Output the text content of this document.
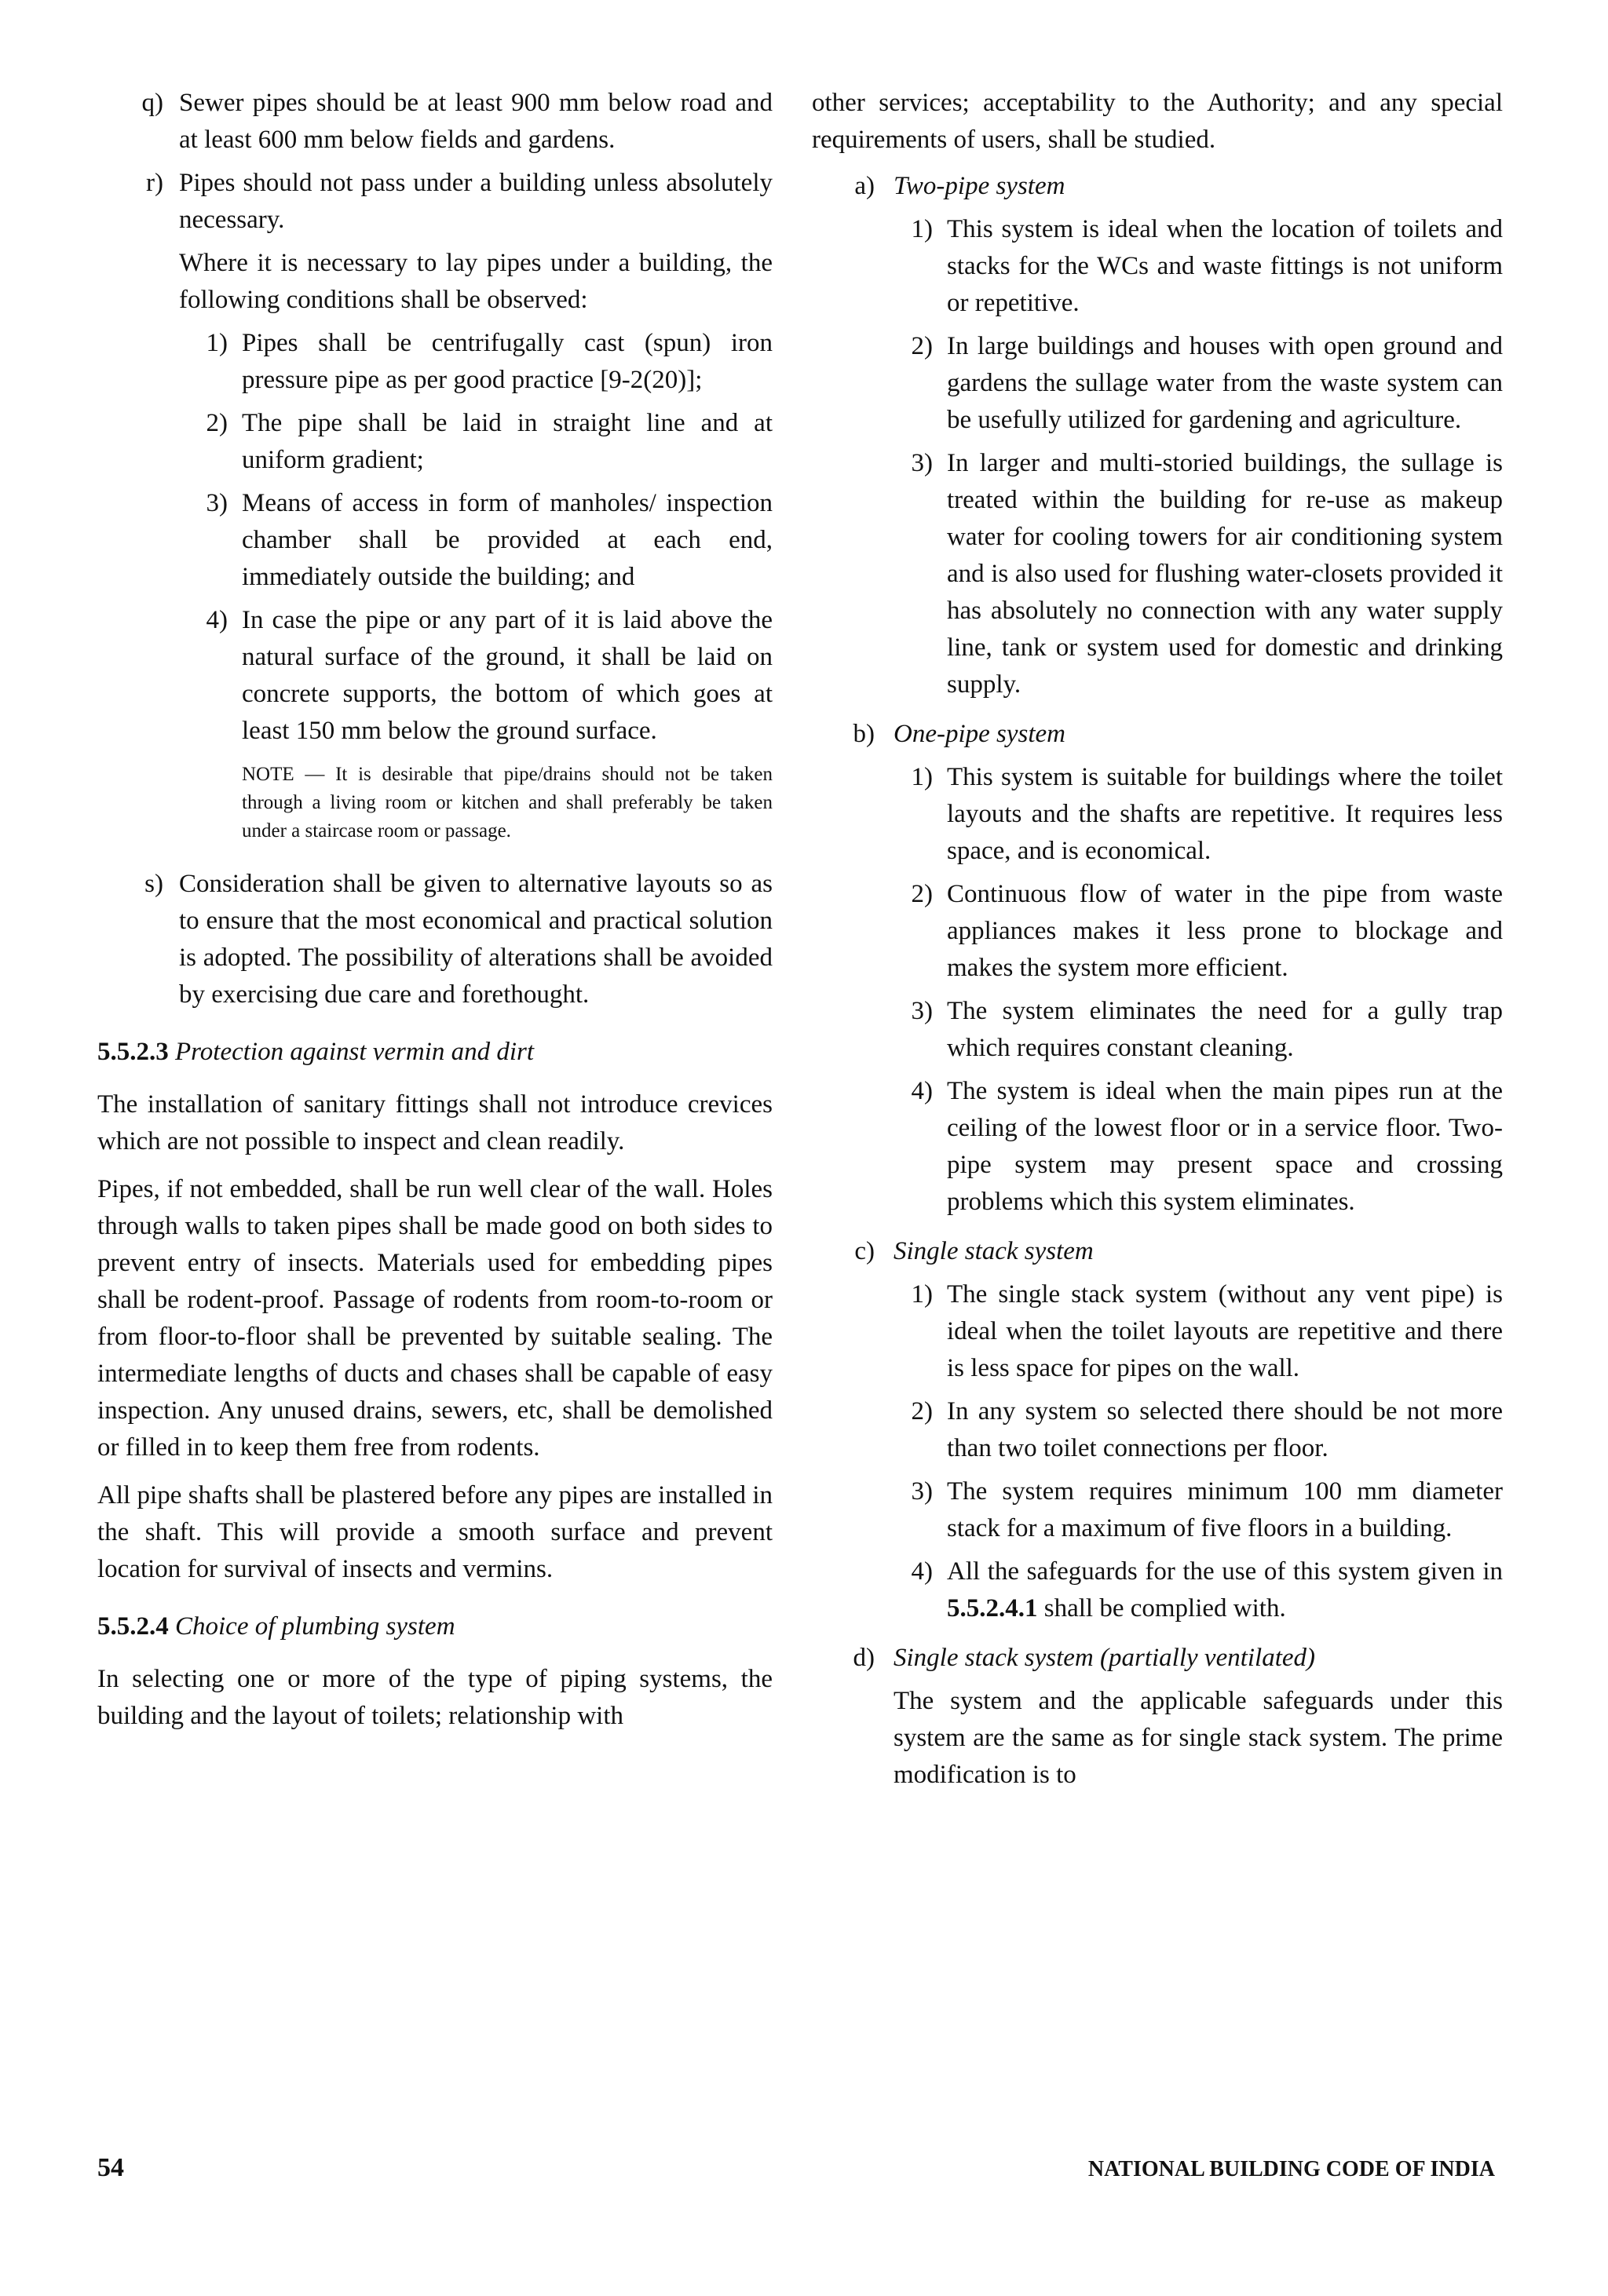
q) Sewer pipes should be at least 900 mm below road and at least 600 mm below fields and gardens.
r) Pipes should not pass under a building unless absolutely necessary.

Where it is necessary to lay pipes under a building, the following conditions shall be observed:

1) Pipes shall be centrifugally cast (spun) iron pressure pipe as per good practice [9-2(20)];
2) The pipe shall be laid in straight line and at uniform gradient;
3) Means of access in form of manholes/ inspection chamber shall be provided at each end, immediately outside the building; and
4) In case the pipe or any part of it is laid above the natural surface of the ground, it shall be laid on concrete supports, the bottom of which goes at least 150 mm below the ground surface.

NOTE — It is desirable that pipe/drains should not be taken through a living room or kitchen and shall preferably be taken under a staircase room or passage.

s) Consideration shall be given to alternative layouts so as to ensure that the most economical and practical solution is adopted. The possibility of alterations shall be avoided by exercising due care and forethought.

5.5.2.3 Protection against vermin and dirt

The installation of sanitary fittings shall not introduce crevices which are not possible to inspect and clean readily.

Pipes, if not embedded, shall be run well clear of the wall. Holes through walls to taken pipes shall be made good on both sides to prevent entry of insects. Materials used for embedding pipes shall be rodent-proof. Passage of rodents from room-to-room or from floor-to-floor shall be prevented by suitable sealing. The intermediate lengths of ducts and chases shall be capable of easy inspection. Any unused drains, sewers, etc, shall be demolished or filled in to keep them free from rodents.

All pipe shafts shall be plastered before any pipes are installed in the shaft. This will provide a smooth surface and prevent location for survival of insects and vermins.

5.5.2.4 Choice of plumbing system

In selecting one or more of the type of piping systems, the building and the layout of toilets; relationship with

other services; acceptability to the Authority; and any special requirements of users, shall be studied.

a) Two-pipe system

1) This system is ideal when the location of toilets and stacks for the WCs and waste fittings is not uniform or repetitive.
2) In large buildings and houses with open ground and gardens the sullage water from the waste system can be usefully utilized for gardening and agriculture.
3) In larger and multi-storied buildings, the sullage is treated within the building for re-use as makeup water for cooling towers for air conditioning system and is also used for flushing water-closets provided it has absolutely no connection with any water supply line, tank or system used for domestic and drinking supply.
b) One-pipe system

1) This system is suitable for buildings where the toilet layouts and the shafts are repetitive. It requires less space, and is economical.
2) Continuous flow of water in the pipe from waste appliances makes it less prone to blockage and makes the system more efficient.
3) The system eliminates the need for a gully trap which requires constant cleaning.
4) The system is ideal when the main pipes run at the ceiling of the lowest floor or in a service floor. Two-pipe system may present space and crossing problems which this system eliminates.
c) Single stack system

1) The single stack system (without any vent pipe) is ideal when the toilet layouts are repetitive and there is less space for pipes on the wall.
2) In any system so selected there should be not more than two toilet connections per floor.
3) The system requires minimum 100 mm diameter stack for a maximum of five floors in a building.
4) All the safeguards for the use of this system given in 5.5.2.4.1 shall be complied with.
d) Single stack system (partially ventilated)

The system and the applicable safeguards under this system are the same as for single stack system. The prime modification is to

54	NATIONAL BUILDING CODE OF INDIA
